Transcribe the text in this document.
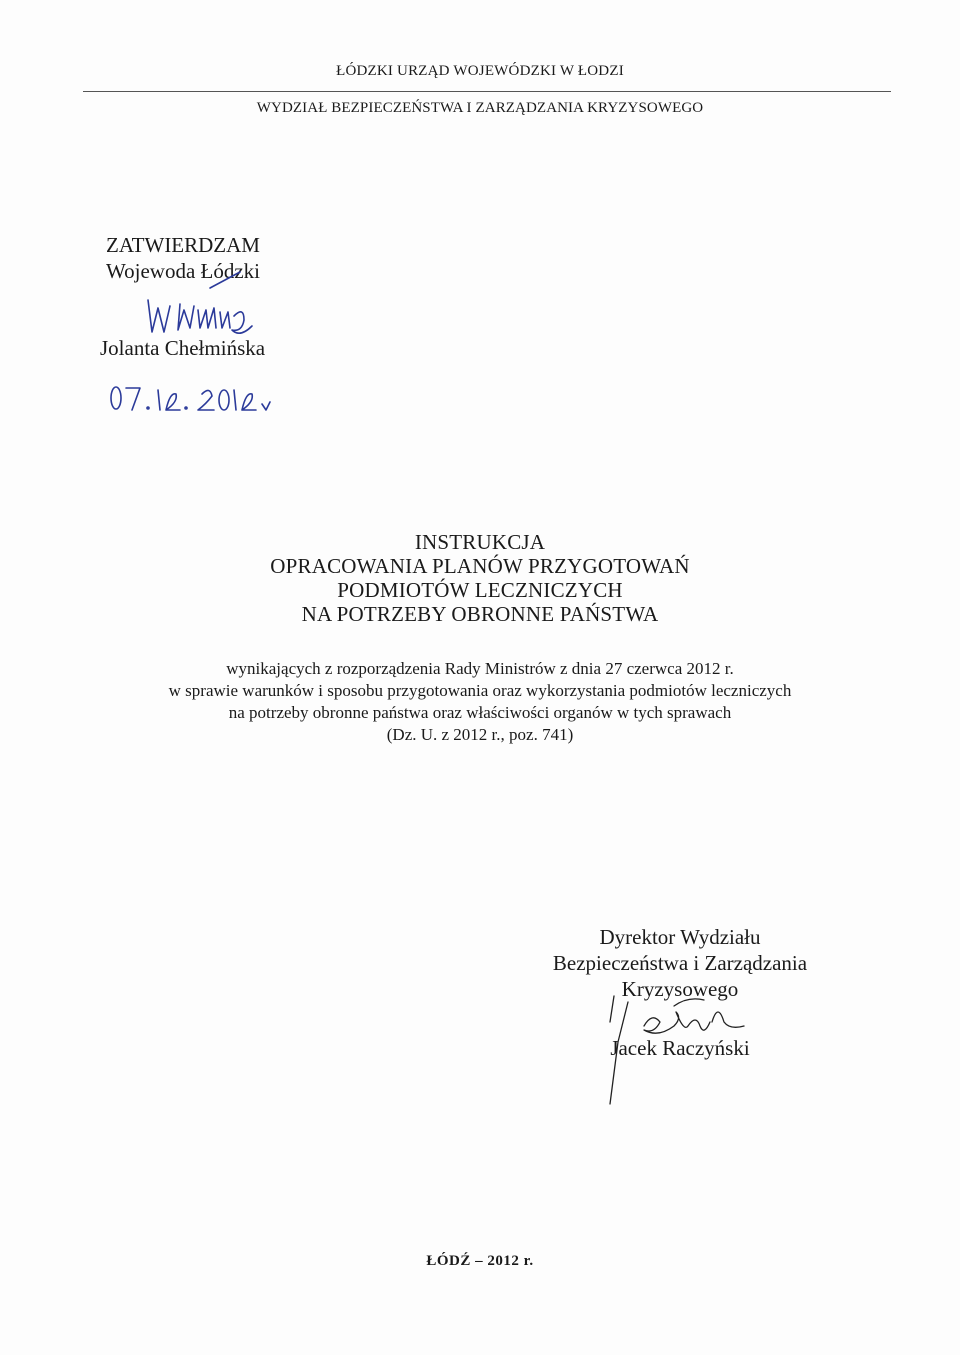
ŁÓDZKI URZĄD WOJEWÓDZKI W ŁODZI
WYDZIAŁ BEZPIECZEŃSTWA I ZARZĄDZANIA KRYZYSOWEGO
ZATWIERDZAM
Wojewoda Łódzki
Jolanta Chełmińska
INSTRUKCJA
OPRACOWANIA PLANÓW PRZYGOTOWAŃ
PODMIOTÓW LECZNICZYCH
NA POTRZEBY OBRONNE PAŃSTWA
wynikających z rozporządzenia Rady Ministrów z dnia 27 czerwca 2012 r.
w sprawie warunków i sposobu przygotowania oraz wykorzystania podmiotów leczniczych
na potrzeby obronne państwa oraz właściwości organów w tych sprawach
(Dz. U. z 2012 r., poz. 741)
Dyrektor Wydziału
Bezpieczeństwa i Zarządzania
Kryzysowego
Jacek Raczyński
ŁÓDŹ – 2012 r.
